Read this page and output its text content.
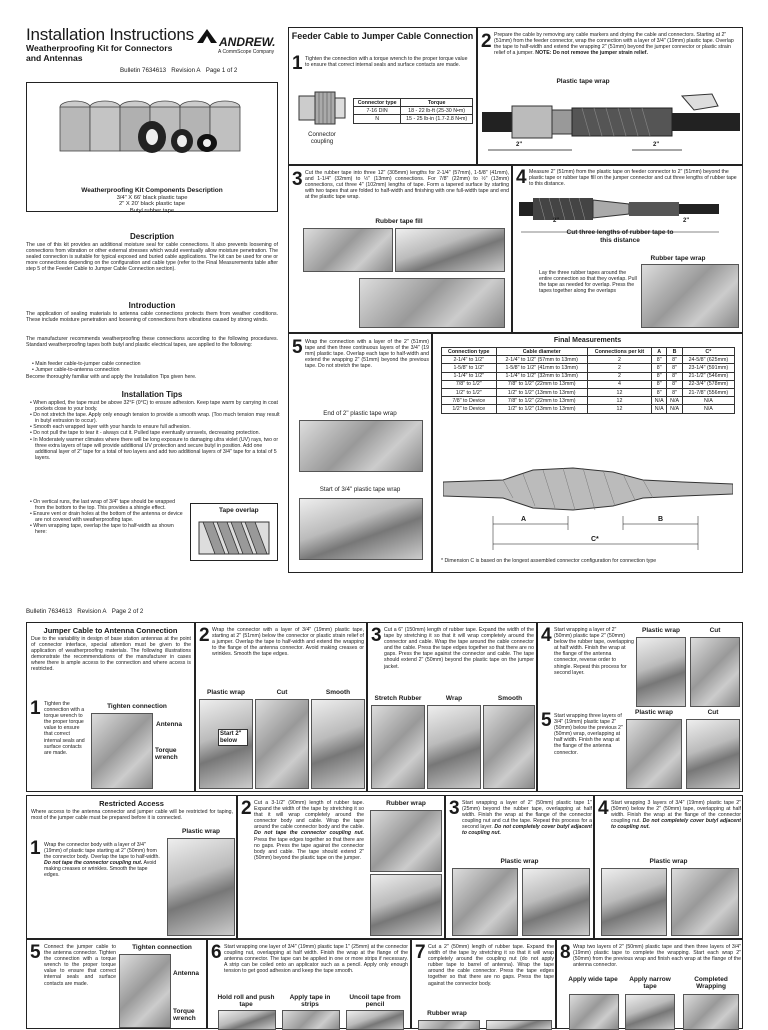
Installation Instructions
Weatherproofing Kit for Connectors and Antennas
ANDREW.
A CommScope Company
Bulletin 7634613 Revision A Page 1 of 2
Weatherproofing Kit Components Description
3/4" X 66' black plastic tape
2" X 20' black plastic tape
Butyl rubber tape
Description
The use of this kit provides an additional moisture seal for cable connections. It also prevents loosening of connections from vibration or other external stresses which would eventually allow moisture penetration. The sealed connection is suitable for typical exposed and buried cable applications. The kit can be used for one or more connections depending on the configuration and cable type (refer to the Final Measurements table after step 5 of the Feeder Cable to Jumper Cable Connection section).
Introduction
The application of sealing materials to antenna cable connections protects them from weather conditions. These include moisture penetration and loosening of connections from vibrations caused by strong winds.
The manufacturer recommends weatherproofing these connections according to the following procedures. Standard weatherproofing tapes both butyl and plastic electrical tapes, are applied to the following:
• Main feeder cable-to-jumper cable connection
• Jumper cable-to-antenna connection
Become thoroughly familiar with and apply the Installation Tips given here.
Installation Tips
• When applied, the tape must be above 32°F (0°C) to ensure adhesion. Keep tape warm by carrying in coat pockets close to your body.
• Do not stretch the tape. Apply only enough tension to provide a smooth wrap. (Too much tension may result in butyl extrusion to occur).
• Smooth each wrapped layer with your hands to ensure full adhesion.
• Do not pull the tape to tear it - always cut it. Pulled tape eventually unravels, decreasing protection.
• In Moderately warmer climates where there will be long exposure to damaging ultra violet (UV) rays, two or three extra layers of tape will provide additional UV protection and secure butyl in position. Add one additional layer of 2" tape for a total of two layers and add two additional layers of 3/4" tape for a total of 5 layers.
• On vertical runs, the last wrap of 3/4" tape should be wrapped from the bottom to the top. This provides a shingle effect.
• Ensure vent or drain holes at the bottom of the antenna or device are not covered with weatherproofing tape.
• When wrapping tape, overlap the tape to half-width as shown here:
Tape overlap
Feeder Cable to Jumper Cable Connection
1 Tighten the connection with a torque wrench to the proper torque value to ensure that correct internal seals and surface contacts are made.
Connector coupling
Connector type	Torque
7-16 DIN	18 - 22 lb-ft (25-30 N•m)
N	15 - 25 lb-in (1.7-2.8 N•m)
2 Prepare the cable by removing any cable markers and drying the cable and connectors. Starting at 2" (51mm) from the feeder connector, wrap the connection with a layer of 3/4" (19mm) plastic tape. Overlap the tape to half-width and extend the wrapping 2" (51mm) beyond the jumper connector or plastic strain relief of a jumper. NOTE: Do not remove the jumper strain relief.
Plastic tape wrap
2"	2"
3 Cut the rubber tape into three 12" (305mm) lengths for 2-1/4" (57mm), 1-5/8" (41mm), and 1-1/4" (32mm) to ½" (13mm) connections. For 7/8" (22mm) to ½" (13mm) connections, cut three 4" (102mm) lengths of tape. Form a tapered surface by starting with two tapes that are folded to half-width and finishing with one full-width tape and end at the plastic tape wrap.
Rubber tape fill
4 Measure 2" (51mm) from the plastic tape on feeder connector to 2" (51mm) beyond the plastic tape or rubber tape fill on the jumper connector and cut three lengths of rubber tape to this distance.
2"	2"
Cut three lengths of rubber tape to this distance
Rubber tape wrap
Lay the three rubber tapes around the entire connection so that they overlap. Pull the tape as needed for overlap. Press the tapes together along the overlaps
5 Wrap the connection with a layer of the 2" (51mm) tape and then three continuous layers of the 3/4" (19 mm) plastic tape. Overlap each tape to half-width and extend the wrapping 2" (51mm) beyond the previous tape. Do not stretch the tape.
End of 2" plastic tape wrap
Start of 3/4" plastic tape wrap
Final Measurements
Connection type	Cable diameter	Connections per kit	A	B	C*
2-1/4" to 1/2"	2-1/4" to 1/2" (57mm to 13mm)	2	8"	8"	24-5/8" (625mm)
1-5/8" to 1/2"	1-5/8" to 1/2" (41mm to 13mm)	2	8"	8"	23-1/4" (591mm)
1-1/4" to 1/2"	1-1/4" to 1/2" (32mm to 13mm)	2	8"	8"	21-1/2" (546mm)
7/8" to 1/2"	7/8" to 1/2" (22mm to 13mm)	4	8"	8"	22-3/4" (578mm)
1/2" to 1/2"	1/2" to 1/2" (13mm to 13mm)	12	8"	8"	21-7/8" (556mm)
7/8" to Device	7/8" to 1/2" (22mm to 13mm)	12	N/A	N/A	N/A
1/2" to Device	1/2" to 1/2" (13mm to 13mm)	12	N/A	N/A	N/A
A	B
C*
* Dimension C is based on the longest assembled connector configuration for connection type
Bulletin 7634613 Revision A Page 2 of 2
Jumper Cable to Antenna Connection
Due to the variability in design of base station antennas at the point of connector interface, special attention must be given to the application of weatherproofing materials. The following illustrations demonstrate the recommendations of the manufacturer in cases where there is ample access to the connection and where access is restricted.
1 Tighten the connection with a torque wrench to the proper torque value to ensure that correct internal seals and surface contacts are made.
Tighten connection
Antenna
Torque wrench
2 Wrap the connector with a layer of 3/4" (19mm) plastic tape, starting at 2" (51mm) below the connector or plastic strain relief of a jumper. Overlap the tape to half-width and extend the wrapping to the flange of the antenna connector. Avoid making creases or wrinkles. Smooth the tape edges.
Plastic wrap	Cut	Smooth
Start 2" below
3 Cut a 6" (150mm) length of rubber tape. Expand the width of the tape by stretching it so that it will wrap completely around the connector and cable. Wrap the tape around the cable connector and the cable. Press the tape edges together so that there are no gaps. Press the tape against the connector and cable. The tape should extend 2" (50mm) beyond the plastic tape on the jumper jacket.
Stretch Rubber	Wrap	Smooth
4 Start wrapping a layer of 2" (50mm) plastic tape 2" (50mm) below the rubber tape, overlapping at half width. Finish the wrap at the flange of the antenna connector, reverse order to shingle. Repeat this process for second layer.
Plastic wrap	Cut
5 Start wrapping three layers of 3/4" (19mm) plastic tape 2" (50mm) below the previous 2" (50mm) wrap, overlapping at half width. Finish the wrap at the flange of the antenna connector.
Plastic wrap	Cut
Restricted Access
Where access to the antenna connector and jumper cable will be restricted for taping, most of the jumper cable must be prepared before it is connected.
1 Wrap the connector body with a layer of 3/4" (19mm) of plastic tape starting at 2" (50mm) from the connector body. Overlap the tape to half-width. Do not tape the connector coupling nut. Avoid making creases or wrinkles. Smooth the tape edges.
Plastic wrap
2 Cut a 3-1/2" (90mm) length of rubber tape. Expand the width of the tape by stretching it so that it will wrap completely around the connector body and cable. Wrap the tape around the cable connector body and the cable. Do not tape the connector coupling nut. Press the tape edges together so that there are no gaps. Press the tape against the connector body and cable. The tape should extend 2" (50mm) beyond the plastic tape on the jumper.
Rubber wrap	3 Start wrapping a layer of 2" (50mm) plastic tape 1" (25mm) beyond the rubber tape, overlapping at half width. Finish the wrap at the flange of the connector coupling nut and cut the tape. Repeat this process for a second layer. Do not completely cover butyl adjacent to coupling nut.
Plastic wrap
4 Start wrapping 3 layers of 3/4" (19mm) plastic tape 2" (50mm) below the 2" (50mm) tape, overlapping at half width. Finish the wrap at the flange of the connector coupling nut. Do not completely cover butyl adjacent to coupling nut.
Plastic wrap
5 Connect the jumper cable to the antenna connector. Tighten the connection with a torque wrench to the proper torque value to ensure that correct internal seals and surface contacts are made.
Tighten connection
Antenna
Torque wrench
6 Start wrapping one layer of 3/4" (19mm) plastic tape 1" (25mm) at the connector coupling nut, overlapping at half width. Finish the wrap at the flange of the antenna connector. The tape can be applied in one or more strips if necessary. A strip can be coiled onto an applicator such as a pencil. Apply only enough tension to get good adhesion and keep the tape smooth.
Hold roll and push tape
Apply tape in strips
Uncoil tape from pencil
7 Cut a 2" (50mm) length of rubber tape. Expand the width of the tape by stretching it so that it will wrap completely around the coupling nut (do not apply rubber tape to barrel of antenna). Wrap the tape around the cable connector. Press the tape edges together so that there are no gaps. Press the tape against the connector body.
Rubber wrap
8 Wrap two layers of 2" (50mm) plastic tape and then three layers of 3/4" (19mm) plastic tape to complete the wrapping. Start each wrap 2" (50mm) from the previous wrap and finish each wrap at the flange of the antenna connector.
Apply wide tape	Apply narrow tape
Completed Wrapping
